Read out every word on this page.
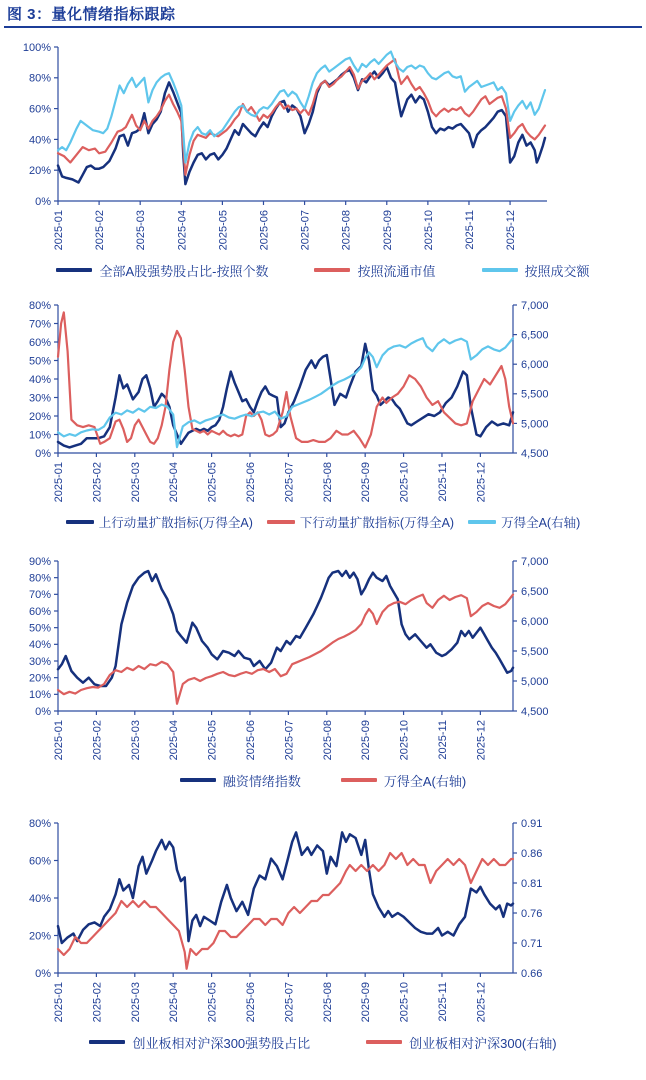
图 3：量化情绪指标跟踪
0%
20%
40%
60%
80%
100%
2025-01	2025-02	2025-03	2025-04	2025-05	2025-06	2025-07	2025-08	2025-09	2025-10	2025-11	2025-12
全部A股强势股占比-按照个数	按照流通市值	按照成交额
0%
10%
20%
30%
40%
50%
60%
70%
80%
4,500
5,000
5,500
6,000
6,500
7,000
2025-01 2025-02 2025-03 2025-04 2025-05 2025-06 2025-07 2025-08 2025-09 2025-10 2025-11 2025-12
上行动量扩散指标(万得全A)	下行动量扩散指标(万得全A)	万得全A(右轴)
0%
10%
20%
30%
40%
50%
60%
70%
80%
90%
4,500
5,000
5,500
6,000
6,500
7,000
2025-01 2025-02 2025-03 2025-04 2025-05 2025-06 2025-07 2025-08 2025-09 2025-10 2025-11 2025-12
融资情绪指数	万得全A(右轴)
0%
20%
40%
60%
80%
0.66
0.71
0.76
0.81
0.86
0.91
2025-01 2025-02 2025-03 2025-04 2025-05 2025-06 2025-07 2025-08 2025-09 2025-10 2025-11 2025-12
创业板相对沪深300强势股占比	创业板相对沪深300(右轴)
